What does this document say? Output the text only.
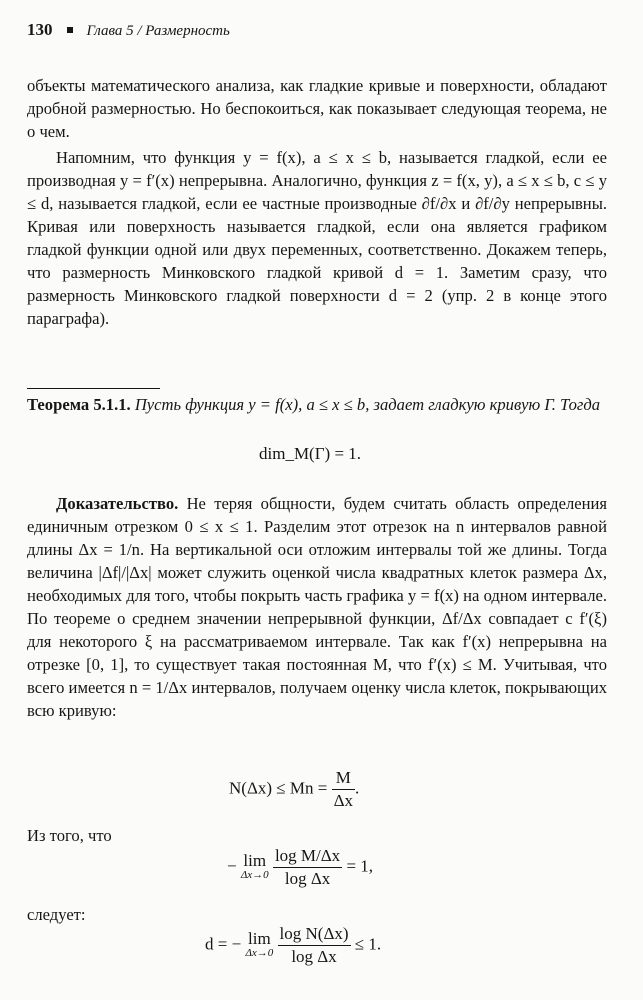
130 Глава 5 / Размерность

объекты математического анализа, как гладкие кривые и поверхности, обладают дробной размерностью. Но беспокоиться, как показывает следующая теорема, не о чем.

Напомним, что функция y = f(x), a ≤ x ≤ b, называется гладкой, если ее производная y = f′(x) непрерывна. Аналогично, функция z = f(x, y), a ≤ x ≤ b, c ≤ y ≤ d, называется гладкой, если ее частные производные ∂f/∂x и ∂f/∂y непрерывны. Кривая или поверхность называется гладкой, если она является графиком гладкой функции одной или двух переменных, соответственно. Докажем теперь, что размерность Минковского гладкой кривой d = 1. Заметим сразу, что размерность Минковского гладкой поверхности d = 2 (упр. 2 в конце этого параграфа).

Теорема 5.1.1. Пусть функция y = f(x), a ≤ x ≤ b, задает гладкую кривую Γ. Тогда

dim_M(Γ) = 1.

Доказательство. Не теряя общности, будем считать область определения единичным отрезком 0 ≤ x ≤ 1. Разделим этот отрезок на n интервалов равной длины Δx = 1/n. На вертикальной оси отложим интервалы той же длины. Тогда величина |Δf|/|Δx| может служить оценкой числа квадратных клеток размера Δx, необходимых для того, чтобы покрыть часть графика y = f(x) на одном интервале. По теореме о среднем значении непрерывной функции, Δf/Δx совпадает с f′(ξ) для некоторого ξ на рассматриваемом интервале. Так как f′(x) непрерывна на отрезке [0, 1], то существует такая постоянная M, что f′(x) ≤ M. Учитывая, что всего имеется n = 1/Δx интервалов, получаем оценку числа клеток, покрывающих всю кривую:

$N(\Delta x) \le Mn = \frac{M}{\Delta x}$ .

Из того, что

− lim
Δx→0
$\frac{\text{log M/Δx}}{\text{log Δx}} = 1$,

следует:

d = − lim
Δx→0
$\frac{\text{log N(Δx)}}{\text{log Δx}} \le 1$.
